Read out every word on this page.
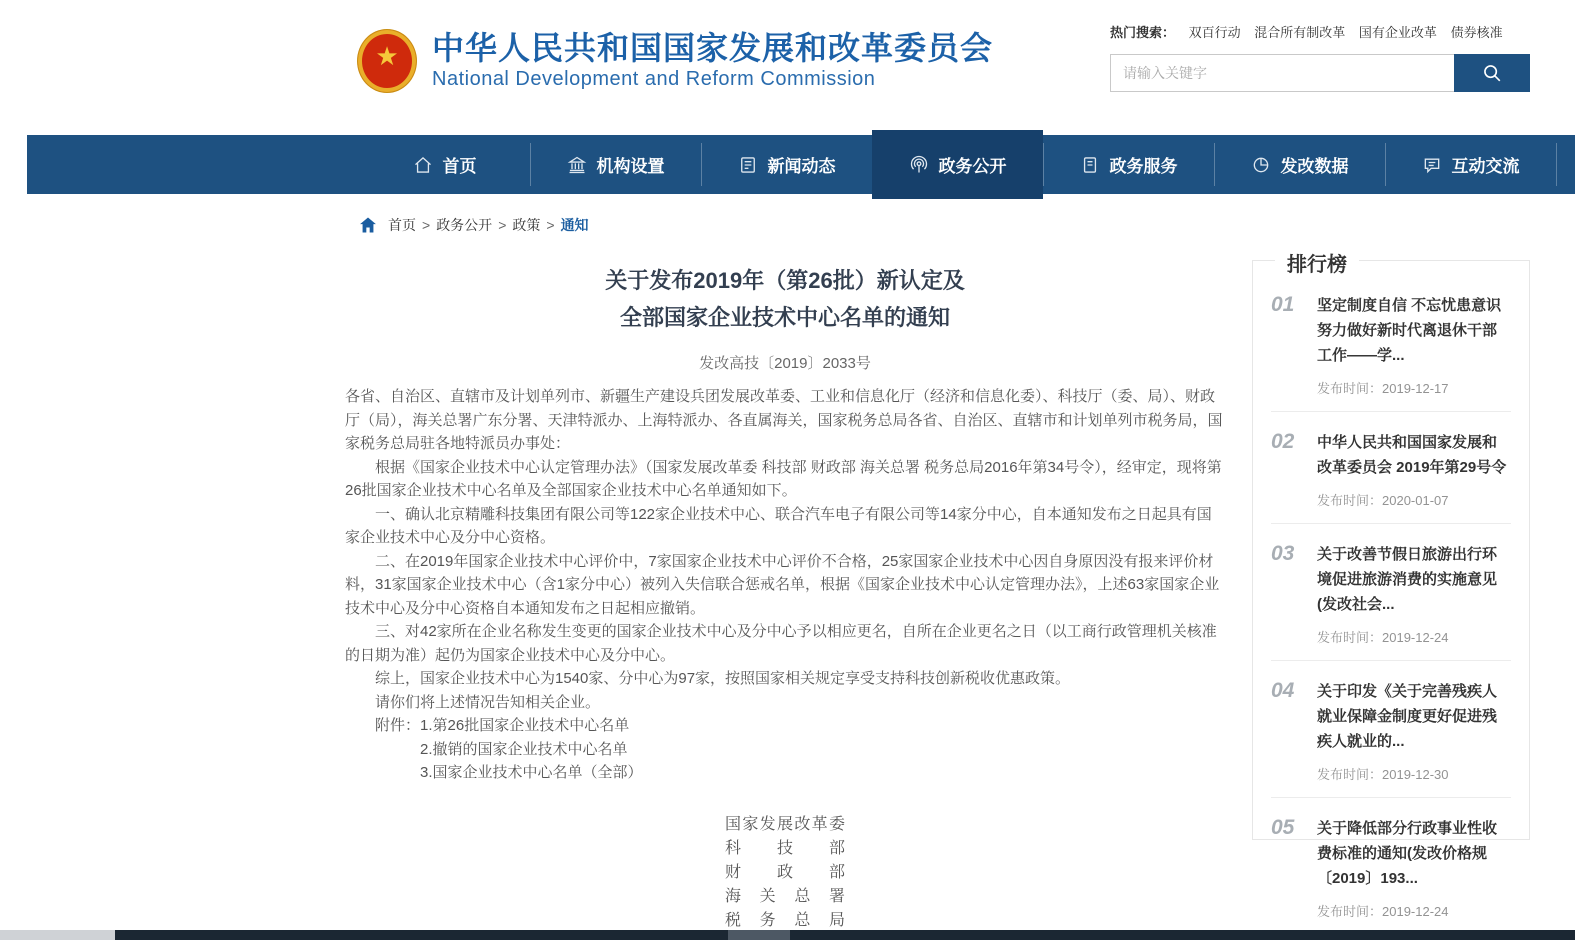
★ 中华人民共和国国家发展和改革委员会
National Development and Reform Commission
热门搜索： 双百行动 混合所有制改革 国有企业改革 债券核准
请输入关键字
首页	机构设置	新闻动态	政务公开	政务服务	发改数据	互动交流
首页 > 政务公开 > 政策 > 通知
关于发布2019年（第26批）新认定及
全部国家企业技术中心名单的通知
发改高技〔2019〕2033号

各省、自治区、直辖市及计划单列市、新疆生产建设兵团发展改革委、工业和信息化厅（经济和信息化委）、科技厅（委、局）、财政厅（局），海关总署广东分署、天津特派办、上海特派办、各直属海关，国家税务总局各省、自治区、直辖市和计划单列市税务局，国家税务总局驻各地特派员办事处：

根据《国家企业技术中心认定管理办法》（国家发展改革委 科技部 财政部 海关总署 税务总局2016年第34号令），经审定，现将第26批国家企业技术中心名单及全部国家企业技术中心名单通知如下。

一、确认北京精雕科技集团有限公司等122家企业技术中心、联合汽车电子有限公司等14家分中心，自本通知发布之日起具有国家企业技术中心及分中心资格。

二、在2019年国家企业技术中心评价中，7家国家企业技术中心评价不合格，25家国家企业技术中心因自身原因没有报来评价材料，31家国家企业技术中心（含1家分中心）被列入失信联合惩戒名单，根据《国家企业技术中心认定管理办法》，上述63家国家企业技术中心及分中心资格自本通知发布之日起相应撤销。

三、对42家所在企业名称发生变更的国家企业技术中心及分中心予以相应更名，自所在企业更名之日（以工商行政管理机关核准的日期为准）起仍为国家企业技术中心及分中心。

综上，国家企业技术中心为1540家、分中心为97家，按照国家相关规定享受支持科技创新税收优惠政策。

请你们将上述情况告知相关企业。

附件：1.第26批国家企业技术中心名单

2.撤销的国家企业技术中心名单

3.国家企业技术中心名单（全部）

国家发展改革委
科 技 部
财 政 部
海 关 总 署
税 务 总 局
排行榜
01	坚定制度自信 不忘忧患意识 努力做好新时代离退休干部工作——学...
发布时间：2019-12-17
02	中华人民共和国国家发展和改革委员会 2019年第29号令
发布时间：2020-01-07
03	关于改善节假日旅游出行环境促进旅游消费的实施意见(发改社会...
发布时间：2019-12-24
04	关于印发《关于完善残疾人就业保障金制度更好促进残疾人就业的...
发布时间：2019-12-30
05	关于降低部分行政事业性收费标准的通知(发改价格规〔2019〕193...
发布时间：2019-12-24
